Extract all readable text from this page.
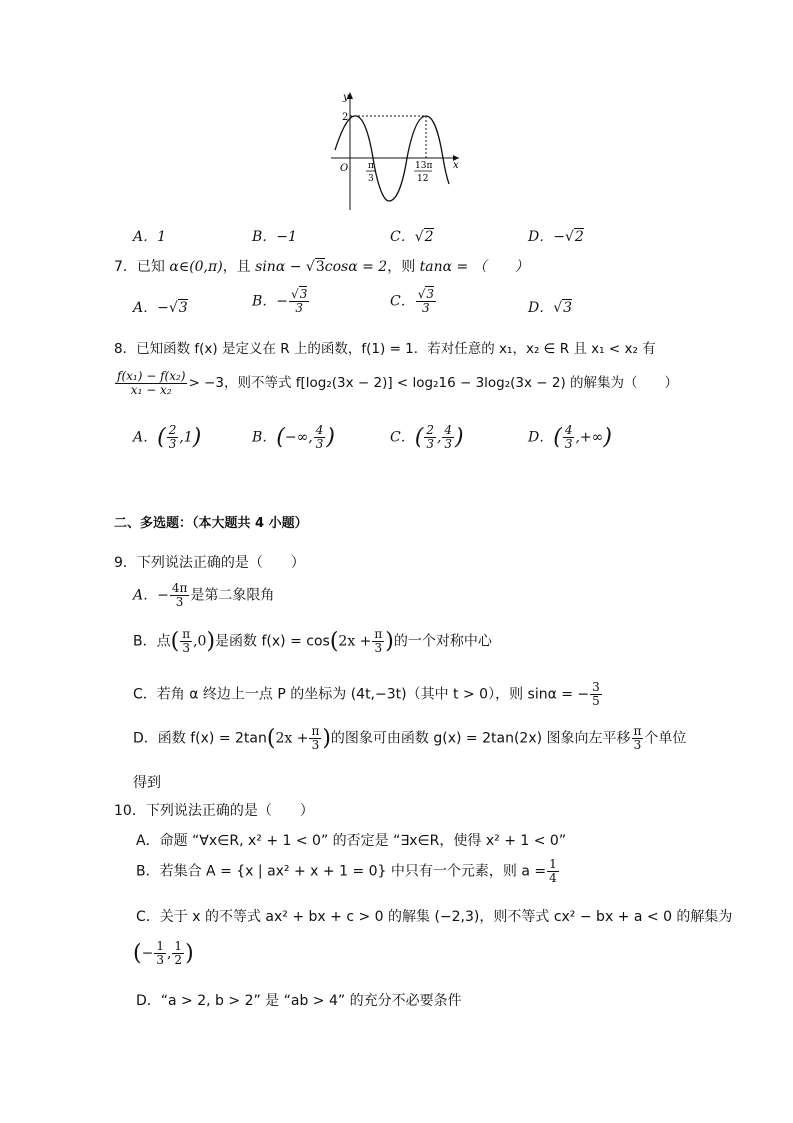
y
x
O
2
π
3
13π
12
A．1	B．−1	C．√2	D．−√2
7．已知 α∈(0,π)，且 sinα − √3cosα = 2，则 tanα = （　　）
A．−√3	B．− $\frac{√3}{3}$	C． $\frac{√3}{3}$	D．√3
8．已知函数 f(x) 是定义在 R 上的函数，f(1) = 1．若对任意的 x₁，x₂ ∈ R 且 x₁ < x₂ 有
$\frac{\text{f(x₁) − f(x₂)}}{\text{x₁ − x₂}} > -3$，则不等式 f[log₂(3x − 2)] < log₂16 − 3log₂(3x − 2) 的解集为（　　）
A．( $\frac{2}{3} ,1$)	B．(−∞, $\frac{4}{3}$ )	C．( $\frac{2}{3}$ , $\frac{4}{3}$ )	D．( $\frac{4}{3}$ ,+∞)
二、多选题：（本大题共 4 小题）
9．下列说法正确的是（　　）
A．− $\frac{4\pi}{3}$ 是第二象限角
B．点( $\frac{\pi}{3} ,0$)是函数 $f(x) = \cos(2x + \frac{\pi}{3}$ )的一个对称中心
C．若角 α 终边上一点 P 的坐标为 (4t,−3t)（其中 t > 0），则 sinα = − $\frac{3}{5}$
D．函数 $f(x) = 2\tan(2x + \frac{\pi}{3}$ )的图象可由函数 g(x) = 2tan(2x) 图象向左平移 $\frac{\pi}{3}$ 个单位
得到
10．下列说法正确的是（　　）
A．命题 “∀x∈R, x² + 1 < 0” 的否定是 “∃x∈R，使得 x² + 1 < 0”
B．若集合 A = {x | ax² + x + 1 = 0} 中只有一个元素，则 $a = \frac{1}{4}$
C．关于 x 的不等式 ax² + bx + c > 0 的解集 (−2,3)，则不等式 cx² − bx + a < 0 的解集为
(− $\frac{1}{3}$ , $\frac{1}{2}$ )
D．“a > 2, b > 2” 是 “ab > 4” 的充分不必要条件
